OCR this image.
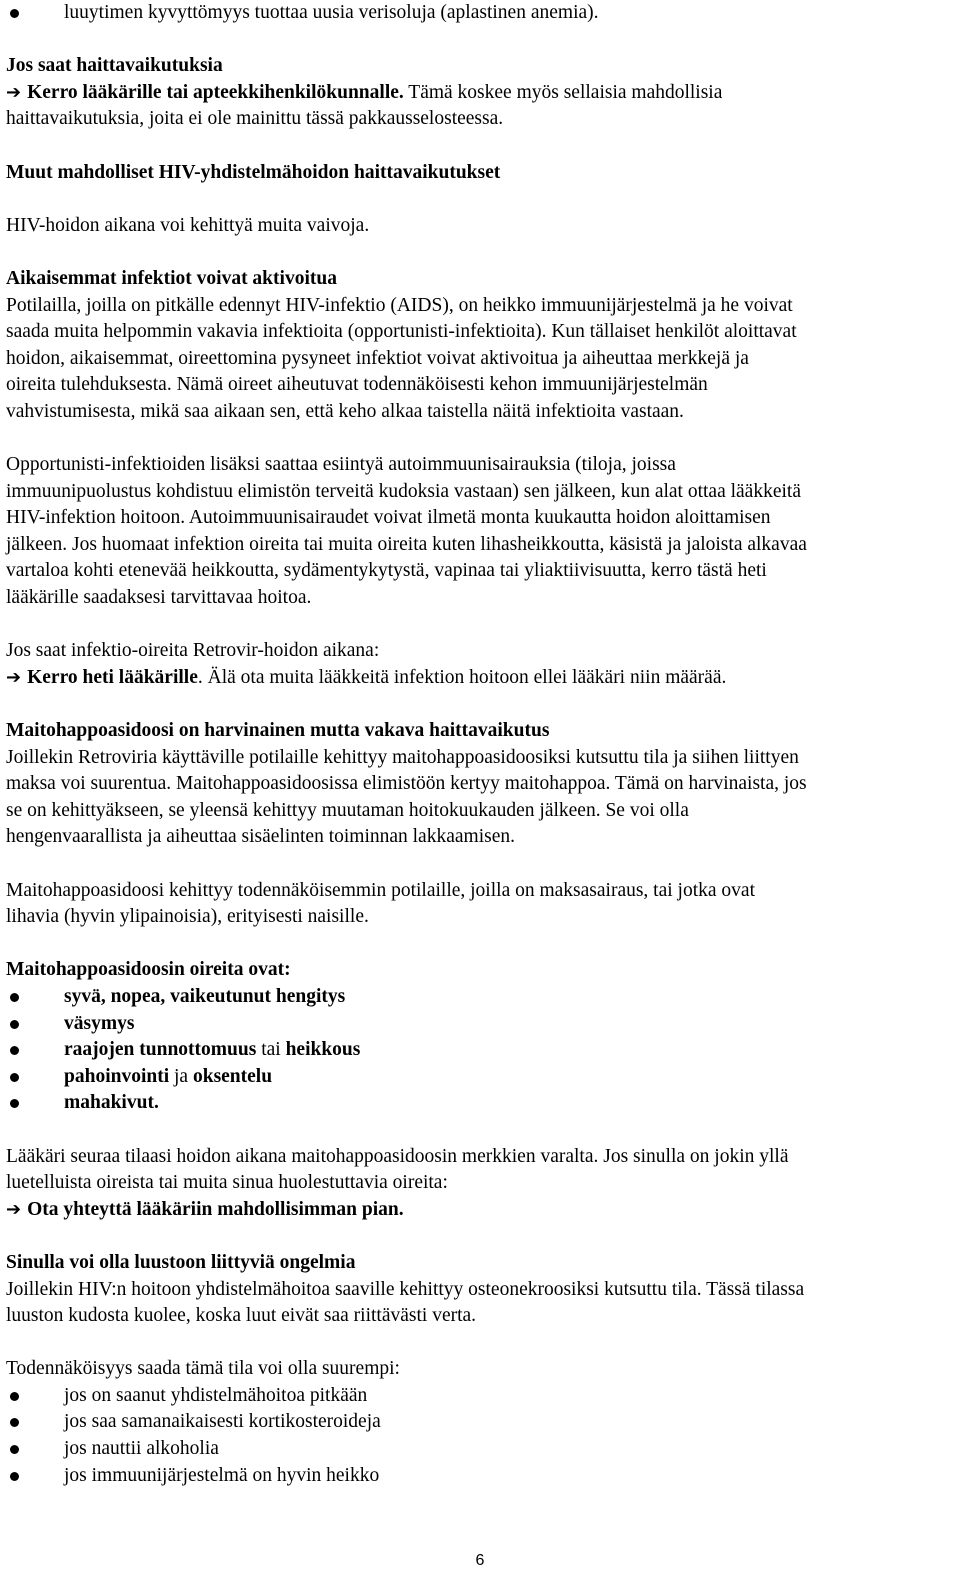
luuytimen kyvyttömyys tuottaa uusia verisoluja (aplastinen anemia).

Jos saat haittavaikutuksia

➔ Kerro lääkärille tai apteekkihenkilökunnalle. Tämä koskee myös sellaisia mahdollisia

haittavaikutuksia, joita ei ole mainittu tässä pakkausselosteessa.

Muut mahdolliset HIV-yhdistelmähoidon haittavaikutukset

HIV-hoidon aikana voi kehittyä muita vaivoja.

Aikaisemmat infektiot voivat aktivoitua

Potilailla, joilla on pitkälle edennyt HIV-infektio (AIDS), on heikko immuunijärjestelmä ja he voivat

saada muita helpommin vakavia infektioita (opportunisti-infektioita). Kun tällaiset henkilöt aloittavat

hoidon, aikaisemmat, oireettomina pysyneet infektiot voivat aktivoitua ja aiheuttaa merkkejä ja

oireita tulehduksesta. Nämä oireet aiheutuvat todennäköisesti kehon immuunijärjestelmän

vahvistumisesta, mikä saa aikaan sen, että keho alkaa taistella näitä infektioita vastaan.

Opportunisti-infektioiden lisäksi saattaa esiintyä autoimmuunisairauksia (tiloja, joissa

immuunipuolustus kohdistuu elimistön terveitä kudoksia vastaan) sen jälkeen, kun alat ottaa lääkkeitä

HIV-infektion hoitoon. Autoimmuunisairaudet voivat ilmetä monta kuukautta hoidon aloittamisen

jälkeen. Jos huomaat infektion oireita tai muita oireita kuten lihasheikkoutta, käsistä ja jaloista alkavaa

vartaloa kohti etenevää heikkoutta, sydämentykytystä, vapinaa tai yliaktiivisuutta, kerro tästä heti

lääkärille saadaksesi tarvittavaa hoitoa.

Jos saat infektio-oireita Retrovir-hoidon aikana:

➔ Kerro heti lääkärille. Älä ota muita lääkkeitä infektion hoitoon ellei lääkäri niin määrää.

Maitohappoasidoosi on harvinainen mutta vakava haittavaikutus

Joillekin Retroviria käyttäville potilaille kehittyy maitohappoasidoosiksi kutsuttu tila ja siihen liittyen

maksa voi suurentua. Maitohappoasidoosissa elimistöön kertyy maitohappoa. Tämä on harvinaista, jos

se on kehittyäkseen, se yleensä kehittyy muutaman hoitokuukauden jälkeen. Se voi olla

hengenvaarallista ja aiheuttaa sisäelinten toiminnan lakkaamisen.

Maitohappoasidoosi kehittyy todennäköisemmin potilaille, joilla on maksasairaus, tai jotka ovat

lihavia (hyvin ylipainoisia), erityisesti naisille.

Maitohappoasidoosin oireita ovat:

syvä, nopea, vaikeutunut hengitys

väsymys

raajojen tunnottomuus tai heikkous

pahoinvointi ja oksentelu

mahakivut.

Lääkäri seuraa tilaasi hoidon aikana maitohappoasidoosin merkkien varalta. Jos sinulla on jokin yllä

luetelluista oireista tai muita sinua huolestuttavia oireita:

➔ Ota yhteyttä lääkäriin mahdollisimman pian.

Sinulla voi olla luustoon liittyviä ongelmia

Joillekin HIV:n hoitoon yhdistelmähoitoa saaville kehittyy osteonekroosiksi kutsuttu tila. Tässä tilassa

luuston kudosta kuolee, koska luut eivät saa riittävästi verta.

Todennäköisyys saada tämä tila voi olla suurempi:

jos on saanut yhdistelmähoitoa pitkään

jos saa samanaikaisesti kortikosteroideja

jos nauttii alkoholia

jos immuunijärjestelmä on hyvin heikko

6
